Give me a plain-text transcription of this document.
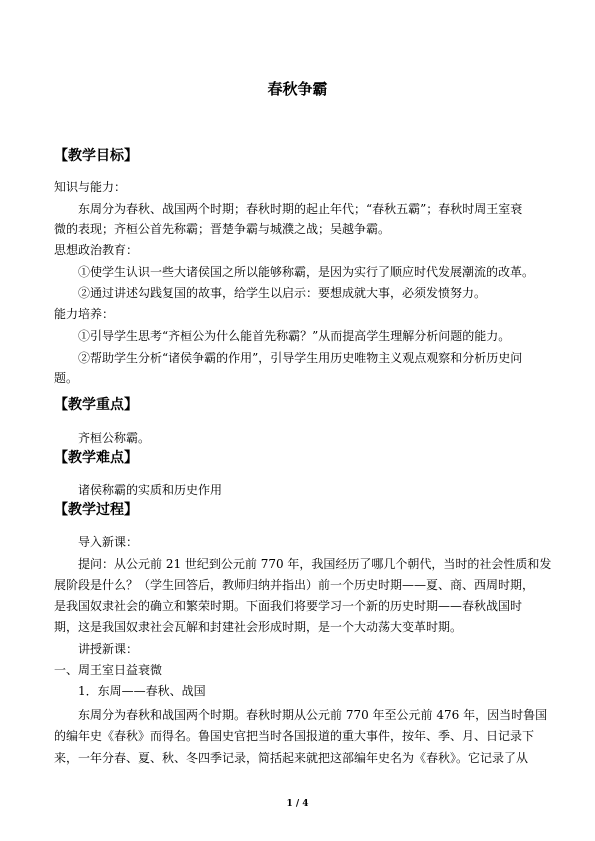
春秋争霸
【教学目标】
知识与能力：
东周分为春秋、战国两个时期；春秋时期的起止年代；“春秋五霸”；春秋时周王室衰
微的表现；齐桓公首先称霸；晋楚争霸与城濮之战；吴越争霸。
思想政治教育：
①使学生认识一些大诸侯国之所以能够称霸，是因为实行了顺应时代发展潮流的改革。
②通过讲述勾践复国的故事，给学生以启示：要想成就大事，必须发愤努力。
能力培养：
①引导学生思考“齐桓公为什么能首先称霸？”从而提高学生理解分析问题的能力。
②帮助学生分析“诸侯争霸的作用”，引导学生用历史唯物主义观点观察和分析历史问
题。
【教学重点】
齐桓公称霸。
【教学难点】
诸侯称霸的实质和历史作用
【教学过程】
导入新课：
提问：从公元前 21 世纪到公元前 770 年，我国经历了哪几个朝代，当时的社会性质和发
展阶段是什么？（学生回答后，教师归纳并指出）前一个历史时期——夏、商、西周时期，
是我国奴隶社会的确立和繁荣时期。下面我们将要学习一个新的历史时期——春秋战国时
期，这是我国奴隶社会瓦解和封建社会形成时期，是一个大动荡大变革时期。
讲授新课：
一、周王室日益衰微
1．东周——春秋、战国
东周分为春秋和战国两个时期。春秋时期从公元前 770 年至公元前 476 年，因当时鲁国
的编年史《春秋》而得名。鲁国史官把当时各国报道的重大事件，按年、季、月、日记录下
来，一年分春、夏、秋、冬四季记录，简括起来就把这部编年史名为《春秋》。它记录了从
1 / 4
